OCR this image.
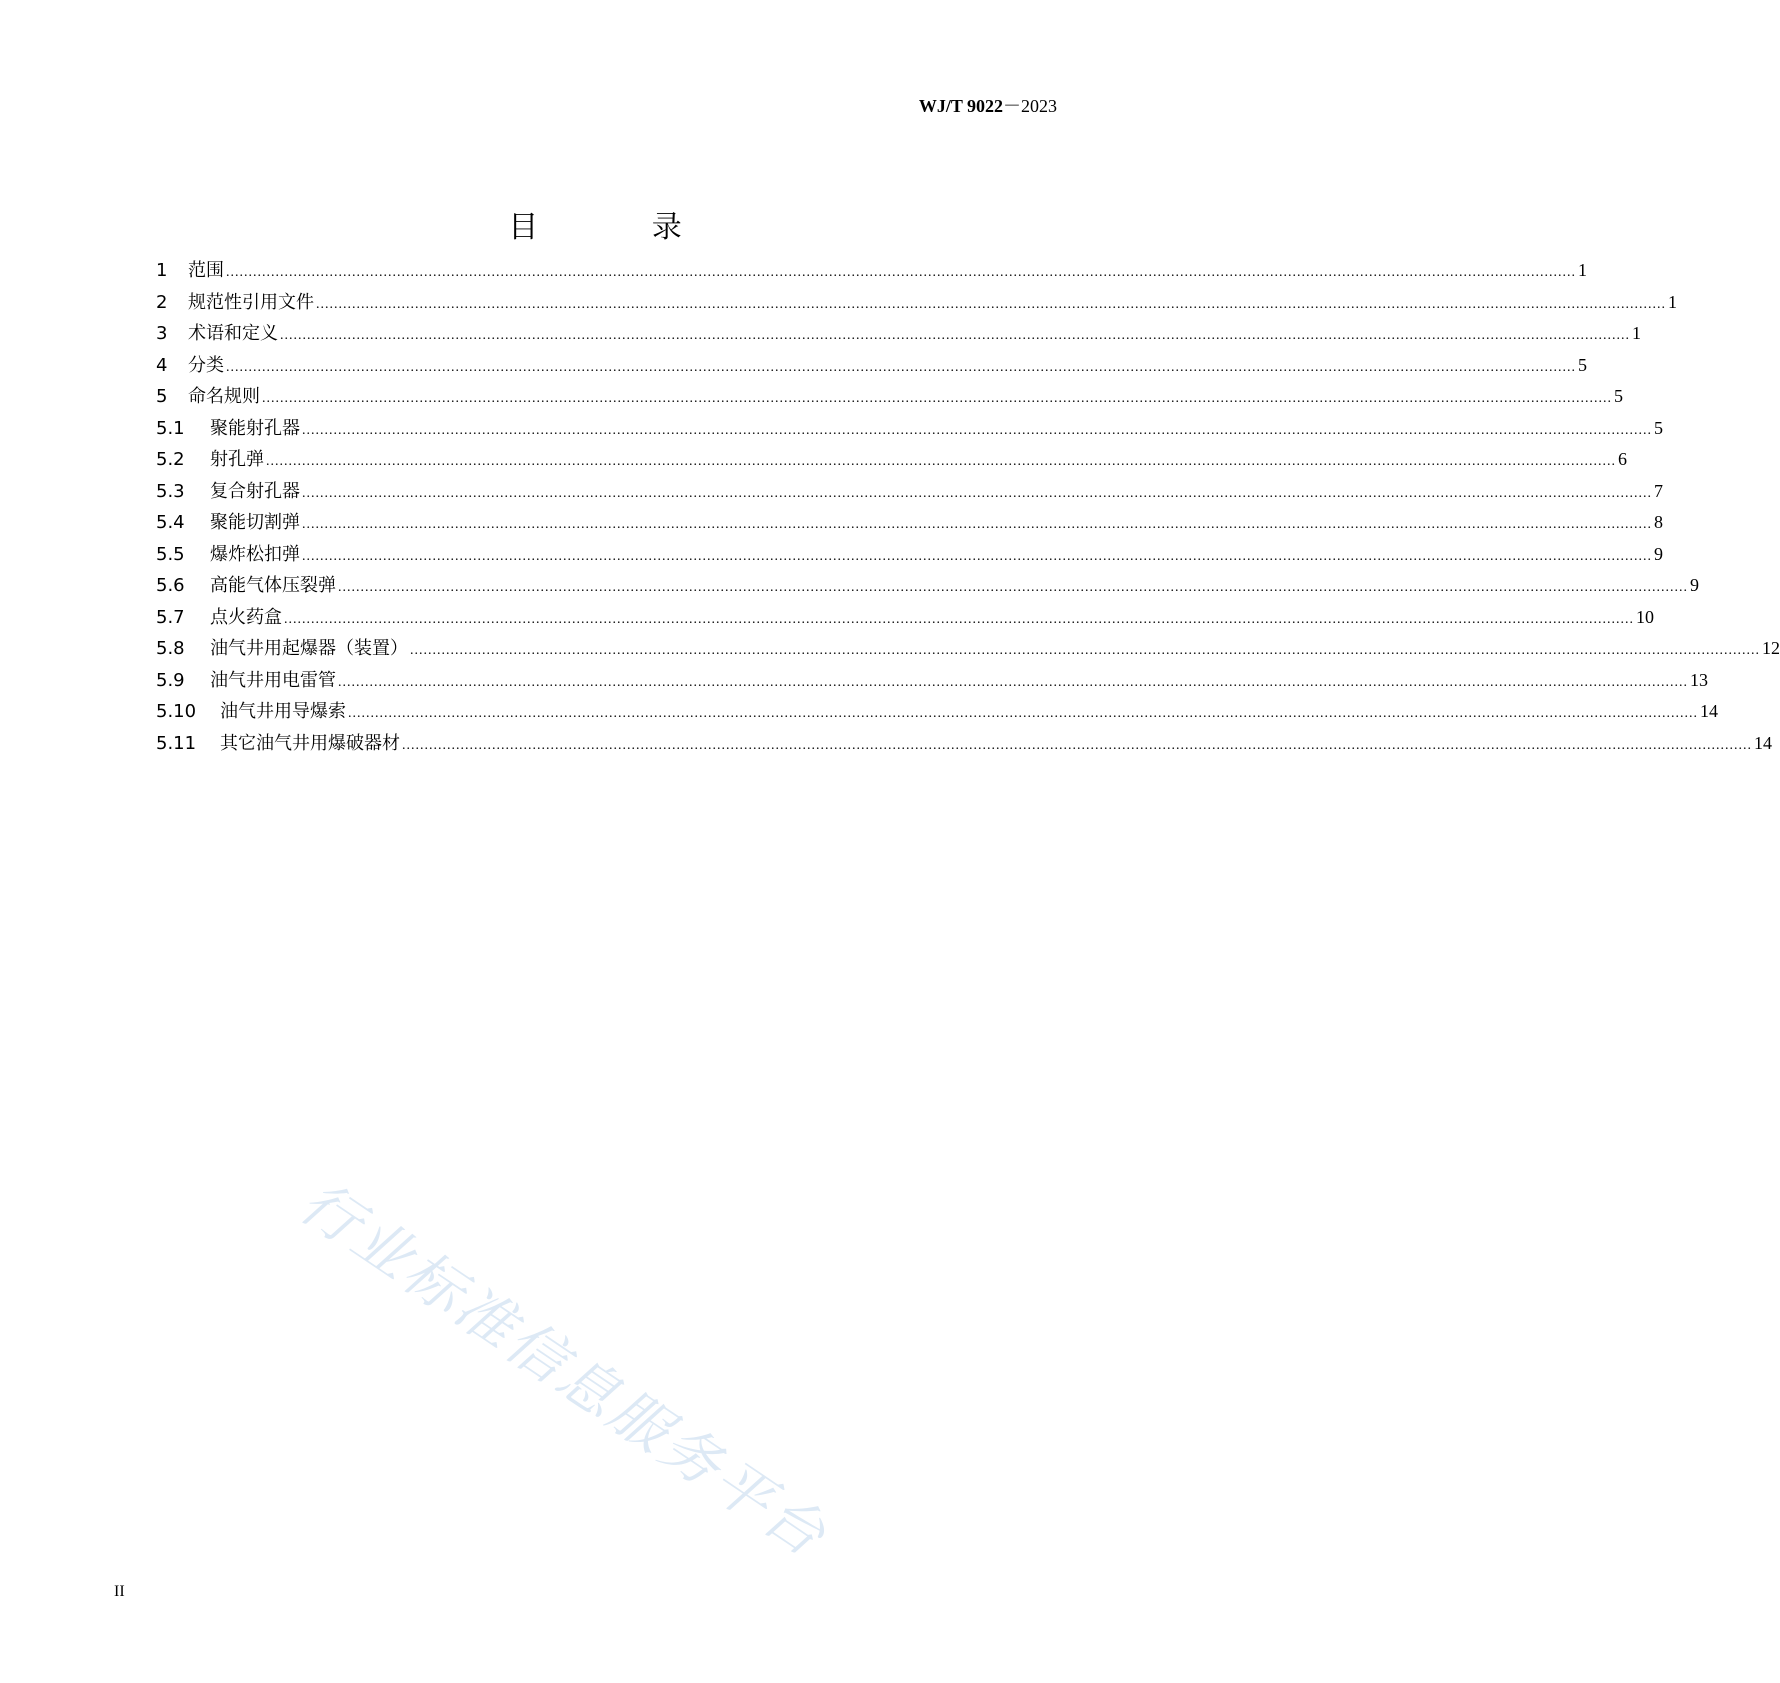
WJ/T 9022－2023
目 录
1	范围 ............................................................................................................................................................................................................................................................................................................ 1
2	规范性引用文件 ............................................................................................................................................................................................................................................................................................................ 1
3	术语和定义 ............................................................................................................................................................................................................................................................................................................ 1
4	分类 ............................................................................................................................................................................................................................................................................................................ 5
5	命名规则 ............................................................................................................................................................................................................................................................................................................ 5
5.1	聚能射孔器 ............................................................................................................................................................................................................................................................................................................ 5
5.2	射孔弹 ............................................................................................................................................................................................................................................................................................................ 6
5.3	复合射孔器 ............................................................................................................................................................................................................................................................................................................ 7
5.4	聚能切割弹 ............................................................................................................................................................................................................................................................................................................ 8
5.5	爆炸松扣弹 ............................................................................................................................................................................................................................................................................................................ 9
5.6	高能气体压裂弹 ............................................................................................................................................................................................................................................................................................................ 9
5.7	点火药盒 ............................................................................................................................................................................................................................................................................................................ 10
5.8	油气井用起爆器（装置） ............................................................................................................................................................................................................................................................................................................ 12
5.9	油气井用电雷管 ............................................................................................................................................................................................................................................................................................................ 13
5.10	油气井用导爆索 ............................................................................................................................................................................................................................................................................................................ 14
5.11	其它油气井用爆破器材 ............................................................................................................................................................................................................................................................................................................ 14
II
行业标准信息服务平台
